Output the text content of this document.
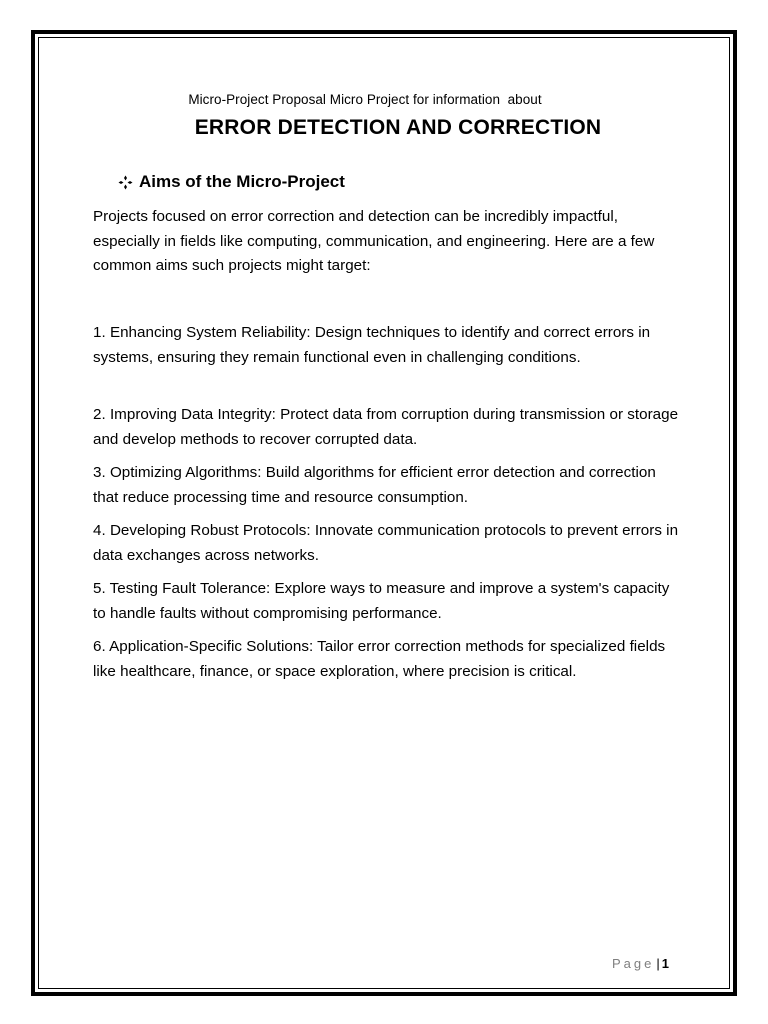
Micro-Project Proposal Micro Project for information  about
ERROR DETECTION AND CORRECTION
Aims of the Micro-Project
Projects focused on error correction and detection can be incredibly impactful, especially in fields like computing, communication, and engineering. Here are a few common aims such projects might target:
1. Enhancing System Reliability: Design techniques to identify and correct errors in systems, ensuring they remain functional even in challenging conditions.
2. Improving Data Integrity: Protect data from corruption during transmission or storage and develop methods to recover corrupted data.
3. Optimizing Algorithms: Build algorithms for efficient error detection and correction that reduce processing time and resource consumption.
4. Developing Robust Protocols: Innovate communication protocols to prevent errors in data exchanges across networks.
5. Testing Fault Tolerance: Explore ways to measure and improve a system's capacity to handle faults without compromising performance.
6. Application-Specific Solutions: Tailor error correction methods for specialized fields like healthcare, finance, or space exploration, where precision is critical.
Page | 1
